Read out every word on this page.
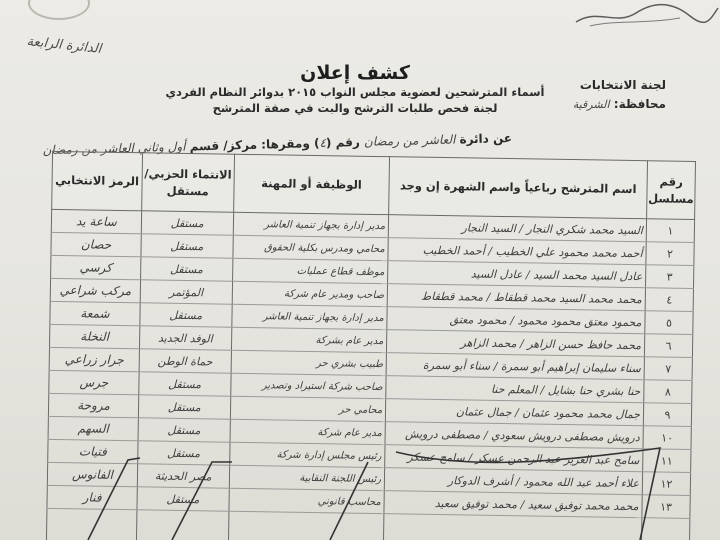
الدائرة الرابعة
كشف إعلان
أسماء المترشحين لعضوية مجلس النواب ٢٠١٥ بدوائر النظام الفردي
لجنة فحص طلبات الترشح والبت في صفة المترشح
لجنة الانتخابات
محافظة: الشرقية
عن دائرة العاشر من رمضان رقم (٤) ومقرها: مركز/ قسم أول وثاني العاشر من رمضان
رقم مسلسل	اسم المترشح رباعياً واسم الشهرة إن وجد	الوظيفة أو المهنة	الانتماء الحزبي/ مستقل	الرمز الانتخابي
١	السيد محمد شكري النجار / السيد النجار	مدير إدارة بجهاز تنمية العاشر	مستقل	ساعة يد
٢	أحمد محمد محمود علي الخطيب / أحمد الخطيب	محامي ومدرس بكلية الحقوق	مستقل	حصان
٣	عادل السيد محمد السيد / عادل السيد	موظف قطاع عمليات	مستقل	كرسي
٤	محمد محمد السيد محمد قطقاط / محمد قطقاط	صاحب ومدير عام شركة	المؤتمر	مركب شراعي
٥	محمود معتق محمود محمود / محمود معتق	مدير إدارة بجهاز تنمية العاشر	مستقل	شمعة
٦	محمد حافظ حسن الزاهر / محمد الزاهر	مدير عام بشركة	الوفد الجديد	النخلة
٧	سناء سليمان إبراهيم أبو سمرة / سناء أبو سمرة	طبيب بشري حر	حماة الوطن	جرار زراعي
٨	حنا بشري حنا بشايل / المعلم حنا	صاحب شركة استيراد وتصدير	مستقل	جرس
٩	جمال محمد محمود عثمان / جمال عثمان	محامي حر	مستقل	مروحة
١٠	درويش مصطفى درويش سعودي / مصطفى درويش	مدير عام شركة	مستقل	السهم
١١	سامح عبد العزيز عبد الرحمن عسكر / سامح عسكر	رئيس مجلس إدارة شركة	مستقل	فتيات
١٢	علاء أحمد عبد الله محمود / أشرف الدوكار	رئيس اللجنة النقابية	مصر الحديثة	الفانوس
١٣	محمد محمد توفيق سعيد / محمد توفيق سعيد	محاسب قانوني	مستقل	فنار
